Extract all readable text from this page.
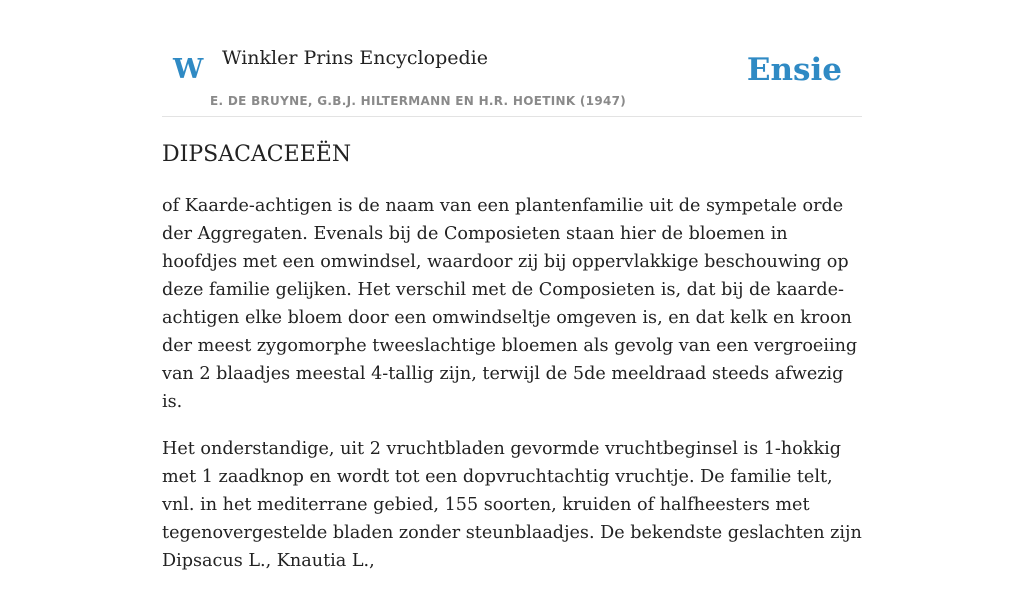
W Winkler Prins Encyclopedie
E. DE BRUYNE, G.B.J. HILTERMANN EN H.R. HOETINK (1947)
Ensie
DIPSACACEEËN

of Kaarde-achtigen is de naam van een plantenfamilie uit de sympetale orde der Aggregaten. Evenals bij de Composieten staan hier de bloemen in hoofdjes met een omwindsel, waardoor zij bij oppervlakkige beschouwing op deze familie gelijken. Het verschil met de Composieten is, dat bij de kaarde-achtigen elke bloem door een omwindseltje omgeven is, en dat kelk en kroon der meest zygomorphe tweeslachtige bloemen als gevolg van een vergroeiing van 2 blaadjes meestal 4-tallig zijn, terwijl de 5de meeldraad steeds afwezig is.

Het onderstandige, uit 2 vruchtbladen gevormde vruchtbeginsel is 1-hokkig met 1 zaadknop en wordt tot een dopvruchtachtig vruchtje. De familie telt, vnl. in het mediterrane gebied, 155 soorten, kruiden of halfheesters met tegenovergestelde bladen zonder steunblaadjes. De bekendste geslachten zijn Dipsacus L., Knautia L.,
